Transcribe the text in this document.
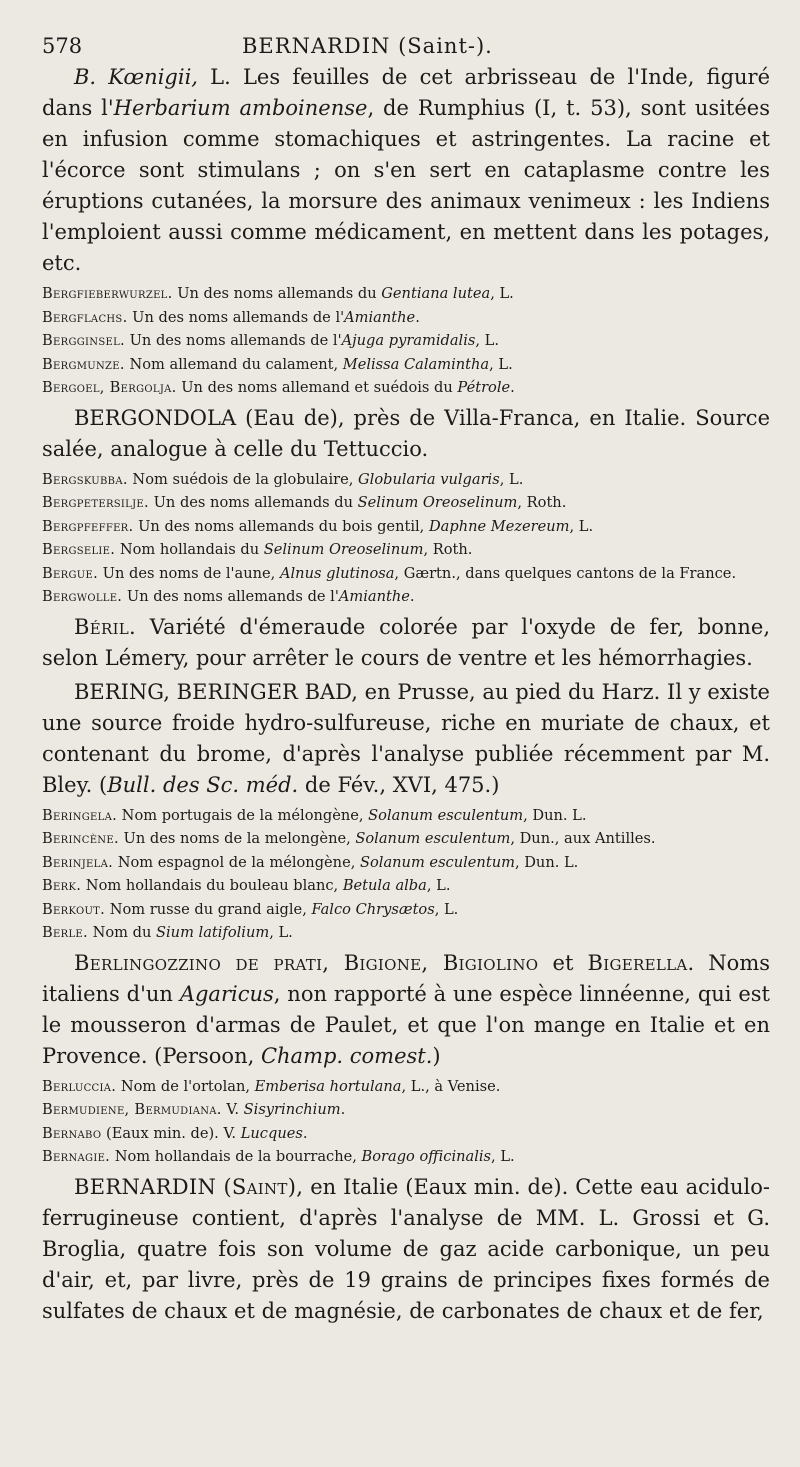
578	BERNARDIN (Saint-).

B. Kœnigii, L. Les feuilles de cet arbrisseau de l'Inde, figuré dans l'Herbarium amboinense, de Rumphius (I, t. 53), sont usitées en infusion comme stomachiques et astringentes. La racine et l'écorce sont stimulans ; on s'en sert en cataplasme contre les éruptions cutanées, la morsure des animaux venimeux : les Indiens l'emploient aussi comme médicament, en mettent dans les potages, etc.

Bergfieberwurzel. Un des noms allemands du Gentiana lutea, L.

Bergflachs. Un des noms allemands de l'Amianthe.

Bergginsel. Un des noms allemands de l'Ajuga pyramidalis, L.

Bergmunze. Nom allemand du calament, Melissa Calamintha, L.

Bergoel, Bergolja. Un des noms allemand et suédois du Pétrole.

BERGONDOLA (Eau de), près de Villa-Franca, en Italie. Source salée, analogue à celle du Tettuccio.

Bergskubba. Nom suédois de la globulaire, Globularia vulgaris, L.

Bergpetersilje. Un des noms allemands du Selinum Oreoselinum, Roth.

Bergpfeffer. Un des noms allemands du bois gentil, Daphne Mezereum, L.

Bergselie. Nom hollandais du Selinum Oreoselinum, Roth.

Bergue. Un des noms de l'aune, Alnus glutinosa, Gærtn., dans quelques cantons de la France.

Bergwolle. Un des noms allemands de l'Amianthe.

Béril. Variété d'émeraude colorée par l'oxyde de fer, bonne, selon Lémery, pour arrêter le cours de ventre et les hémorrhagies.

BERING, BERINGER BAD, en Prusse, au pied du Harz. Il y existe une source froide hydro-sulfureuse, riche en muriate de chaux, et contenant du brome, d'après l'analyse publiée récemment par M. Bley. (Bull. des Sc. méd. de Fév., XVI, 475.)

Beringela. Nom portugais de la mélongène, Solanum esculentum, Dun. L.

Berincène. Un des noms de la melongène, Solanum esculentum, Dun., aux Antilles.

Berinjela. Nom espagnol de la mélongène, Solanum esculentum, Dun. L.

Berk. Nom hollandais du bouleau blanc, Betula alba, L.

Berkout. Nom russe du grand aigle, Falco Chrysætos, L.

Berle. Nom du Sium latifolium, L.

Berlingozzino de prati, Bigione, Bigiolino et Bigerella. Noms italiens d'un Agaricus, non rapporté à une espèce linnéenne, qui est le mousseron d'armas de Paulet, et que l'on mange en Italie et en Provence. (Persoon, Champ. comest.)

Berluccia. Nom de l'ortolan, Emberisa hortulana, L., à Venise.

Bermudiene, Bermudiana. V. Sisyrinchium.

Bernabo (Eaux min. de). V. Lucques.

Bernagie. Nom hollandais de la bourrache, Borago officinalis, L.

BERNARDIN (Saint), en Italie (Eaux min. de). Cette eau acidulo-ferrugineuse contient, d'après l'analyse de MM. L. Grossi et G. Broglia, quatre fois son volume de gaz acide carbonique, un peu d'air, et, par livre, près de 19 grains de principes fixes formés de sulfates de chaux et de magnésie, de carbonates de chaux et de fer,
